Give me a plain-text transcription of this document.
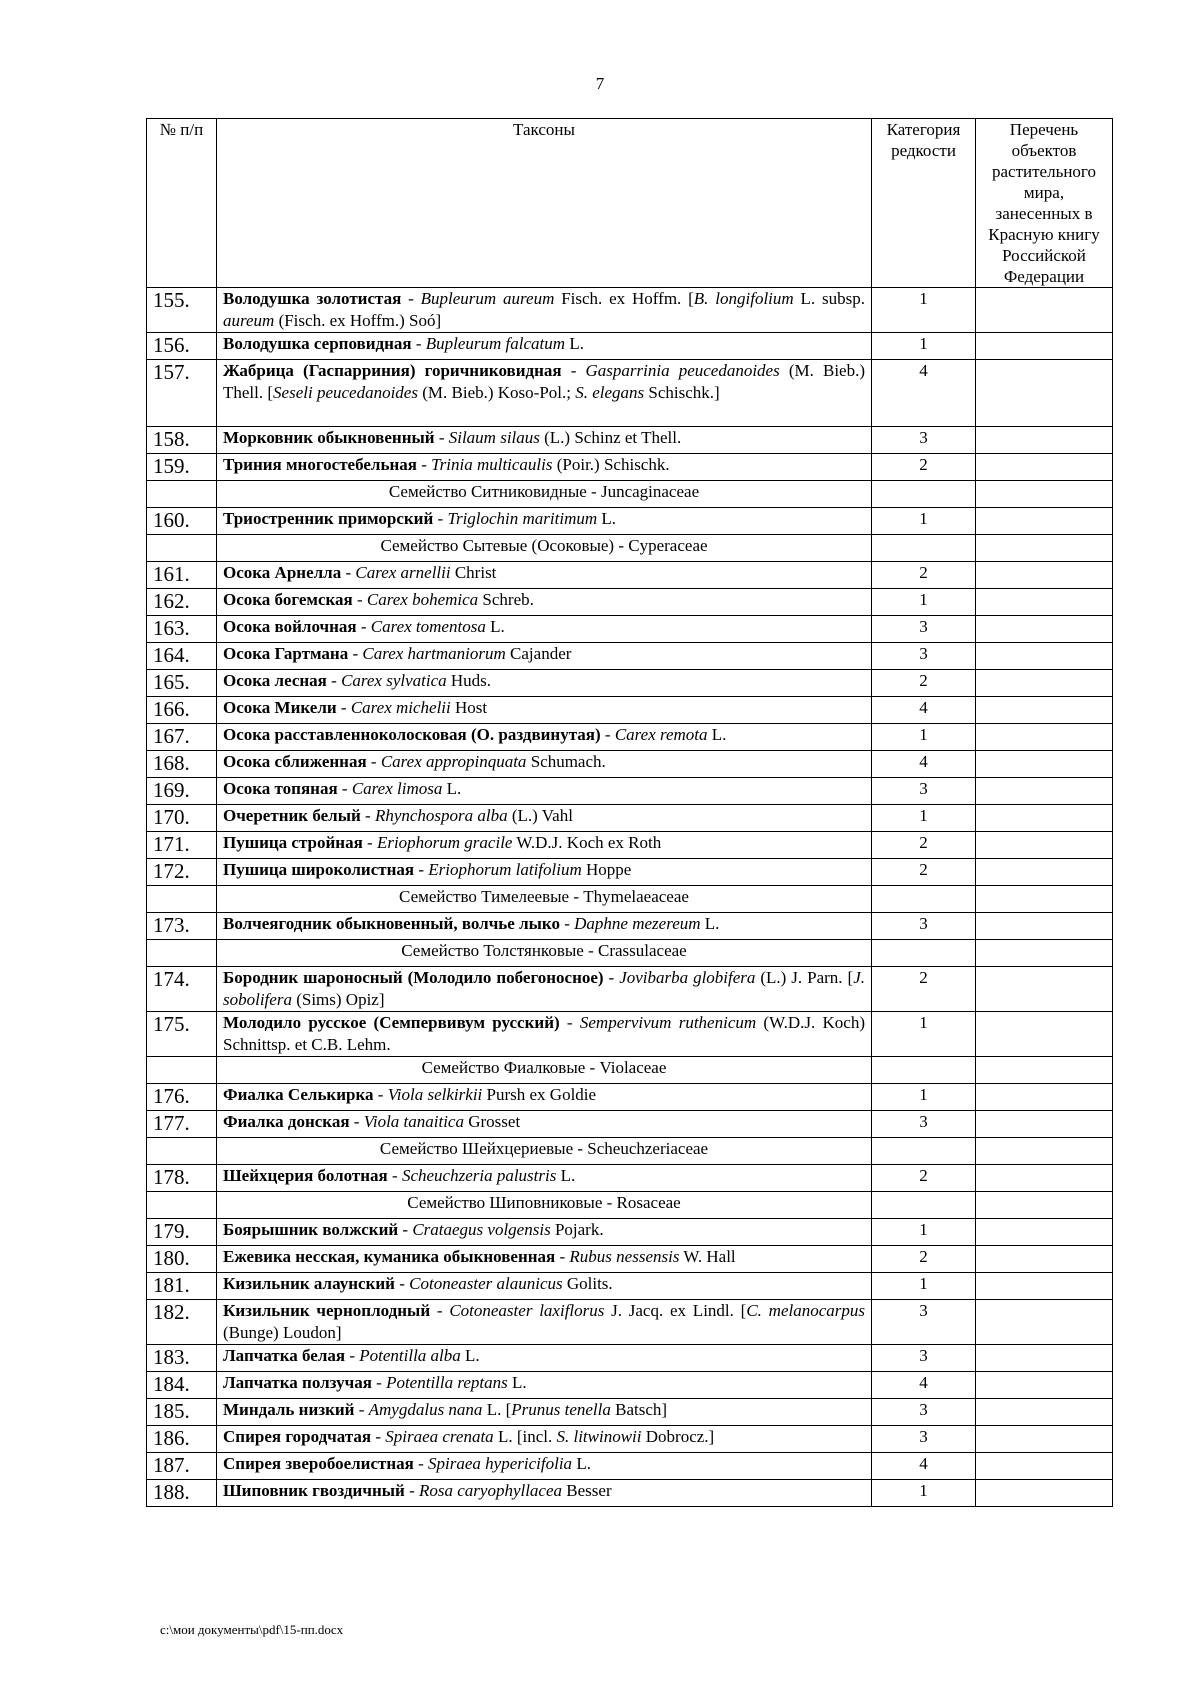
7
№ п/п	Таксоны	Категория редкости	Перечень объектов растительного мира, занесенных в Красную книгу Российской Федерации
155.	Володушка золотистая - Bupleurum aureum Fisch. ex Hoffm. [B. longifolium L. subsp. aureum (Fisch. ex Hoffm.) Soó]	1	
156.	Володушка серповидная - Bupleurum falcatum L.	1	
157.	Жабрица (Гаспарриния) горичниковидная - Gasparrinia peucedanoides (M. Bieb.) Thell. [Seseli peucedanoides (M. Bieb.) Koso-Pol.; S. elegans Schischk.]	4	
158.	Морковник обыкновенный - Silaum silaus (L.) Schinz et Thell.	3	
159.	Триния многостебельная - Trinia multicaulis (Poir.) Schischk.	2	
	Семейство Ситниковидные - Juncaginaceae		
160.	Триостренник приморский - Triglochin maritimum L.	1	
	Семейство Сытевые (Осоковые) - Cyperaceae		
161.	Осока Арнелла - Carex arnellii Christ	2	
162.	Осока богемская - Carex bohemica Schreb.	1	
163.	Осока войлочная - Carex tomentosa L.	3	
164.	Осока Гартмана - Carex hartmaniorum Cajander	3	
165.	Осока лесная - Carex sylvatica Huds.	2	
166.	Осока Микели - Carex michelii Host	4	
167.	Осока расставленноколосковая (О. раздвинутая) - Carex remota L.	1	
168.	Осока сближенная - Carex appropinquata Schumach.	4	
169.	Осока топяная - Carex limosa L.	3	
170.	Очеретник белый - Rhynchospora alba (L.) Vahl	1	
171.	Пушица стройная - Eriophorum gracile W.D.J. Koch ex Roth	2	
172.	Пушица широколистная - Eriophorum latifolium Hoppe	2	
	Семейство Тимелеевые - Thymelaeaceae		
173.	Волчеягодник обыкновенный, волчье лыко - Daphne mezereum L.	3	
	Семейство Толстянковые - Crassulaceae		
174.	Бородник шароносный (Молодило побегоносное) - Jovibarba globifera (L.) J. Parn. [J. sobolifera (Sims) Opiz]	2	
175.	Молодило русское (Семпервивум русский) - Sempervivum ruthenicum (W.D.J. Koch) Schnittsp. et C.B. Lehm.	1	
	Семейство Фиалковые - Violaceae		
176.	Фиалка Селькирка - Viola selkirkii Pursh ex Goldie	1	
177.	Фиалка донская - Viola tanaitica Grosset	3	
	Семейство Шейхцериевые - Scheuchzeriaceae		
178.	Шейхцерия болотная - Scheuchzeria palustris L.	2	
	Семейство Шиповниковые - Rosaceae		
179.	Боярышник волжский - Crataegus volgensis Pojark.	1	
180.	Ежевика несская, куманика обыкновенная - Rubus nessensis W. Hall	2	
181.	Кизильник алаунский - Cotoneaster alaunicus Golits.	1	
182.	Кизильник черноплодный - Cotoneaster laxiflorus J. Jacq. ex Lindl. [C. melanocarpus (Bunge) Loudon]	3	
183.	Лапчатка белая - Potentilla alba L.	3	
184.	Лапчатка ползучая - Potentilla reptans L.	4	
185.	Миндаль низкий - Amygdalus nana L. [Prunus tenella Batsch]	3	
186.	Спирея городчатая - Spiraea crenata L. [incl. S. litwinowii Dobrocz.]	3	
187.	Спирея зверобоелистная - Spiraea hypericifolia L.	4	
188.	Шиповник гвоздичный - Rosa caryophyllacea Besser	1	
c:\мои документы\pdf\15-пп.docx
